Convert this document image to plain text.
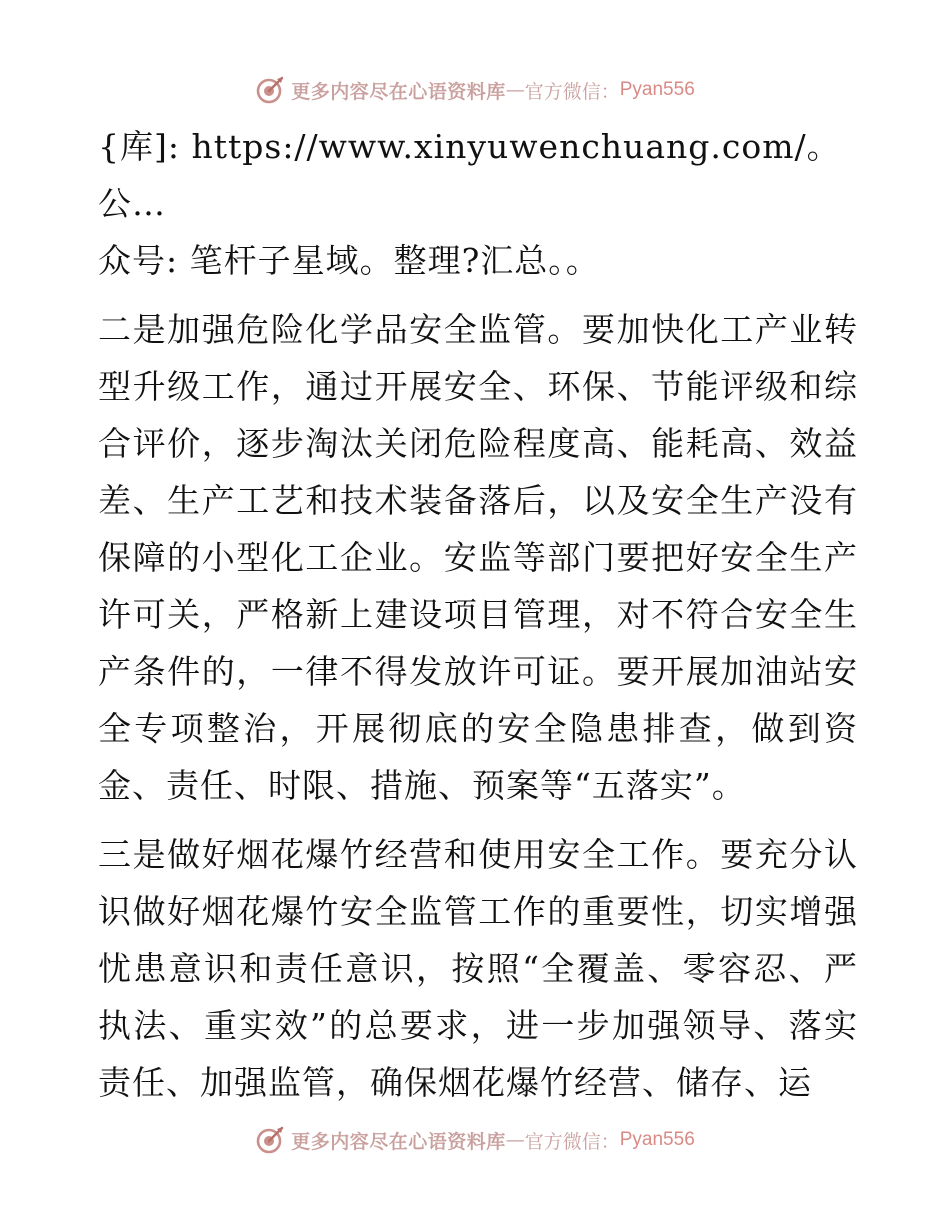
更多内容尽在心语资料库 — 官方微信： Pyan556

{库]: https://www.xinyuwenchuang.com/。公…
众号: 笔杆子星域。整理?汇总。。

二是加强危险化学品安全监管。要加快化工产业转型升级工作，通过开展安全、环保、节能评级和综合评价，逐步淘汰关闭危险程度高、能耗高、效益差、生产工艺和技术装备落后，以及安全生产没有保障的小型化工企业。安监等部门要把好安全生产许可关，严格新上建设项目管理，对不符合安全生产条件的，一律不得发放许可证。要开展加油站安全专项整治，开展彻底的安全隐患排查，做到资金、责任、时限、措施、预案等“五落实”。

三是做好烟花爆竹经营和使用安全工作。要充分认识做好烟花爆竹安全监管工作的重要性，切实增强忧患意识和责任意识，按照“全覆盖、零容忍、严执法、重实效”的总要求，进一步加强领导、落实责任、加强监管，确保烟花爆竹经营、储存、运

更多内容尽在心语资料库 — 官方微信： Pyan556
